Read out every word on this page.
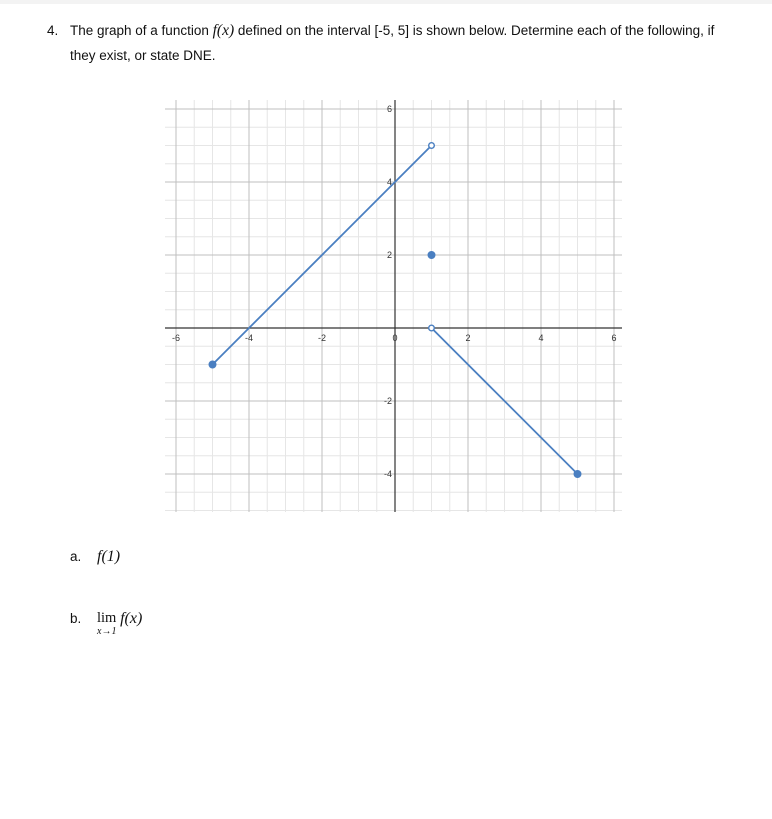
4. The graph of a function f(x) defined on the interval [-5, 5] is shown below. Determine each of the following, if they exist, or state DNE.
-6	-4	-2	0	2	4	6
6
4
2
-2
-4
a. f(1)
b. lim
x→1
f(x)
